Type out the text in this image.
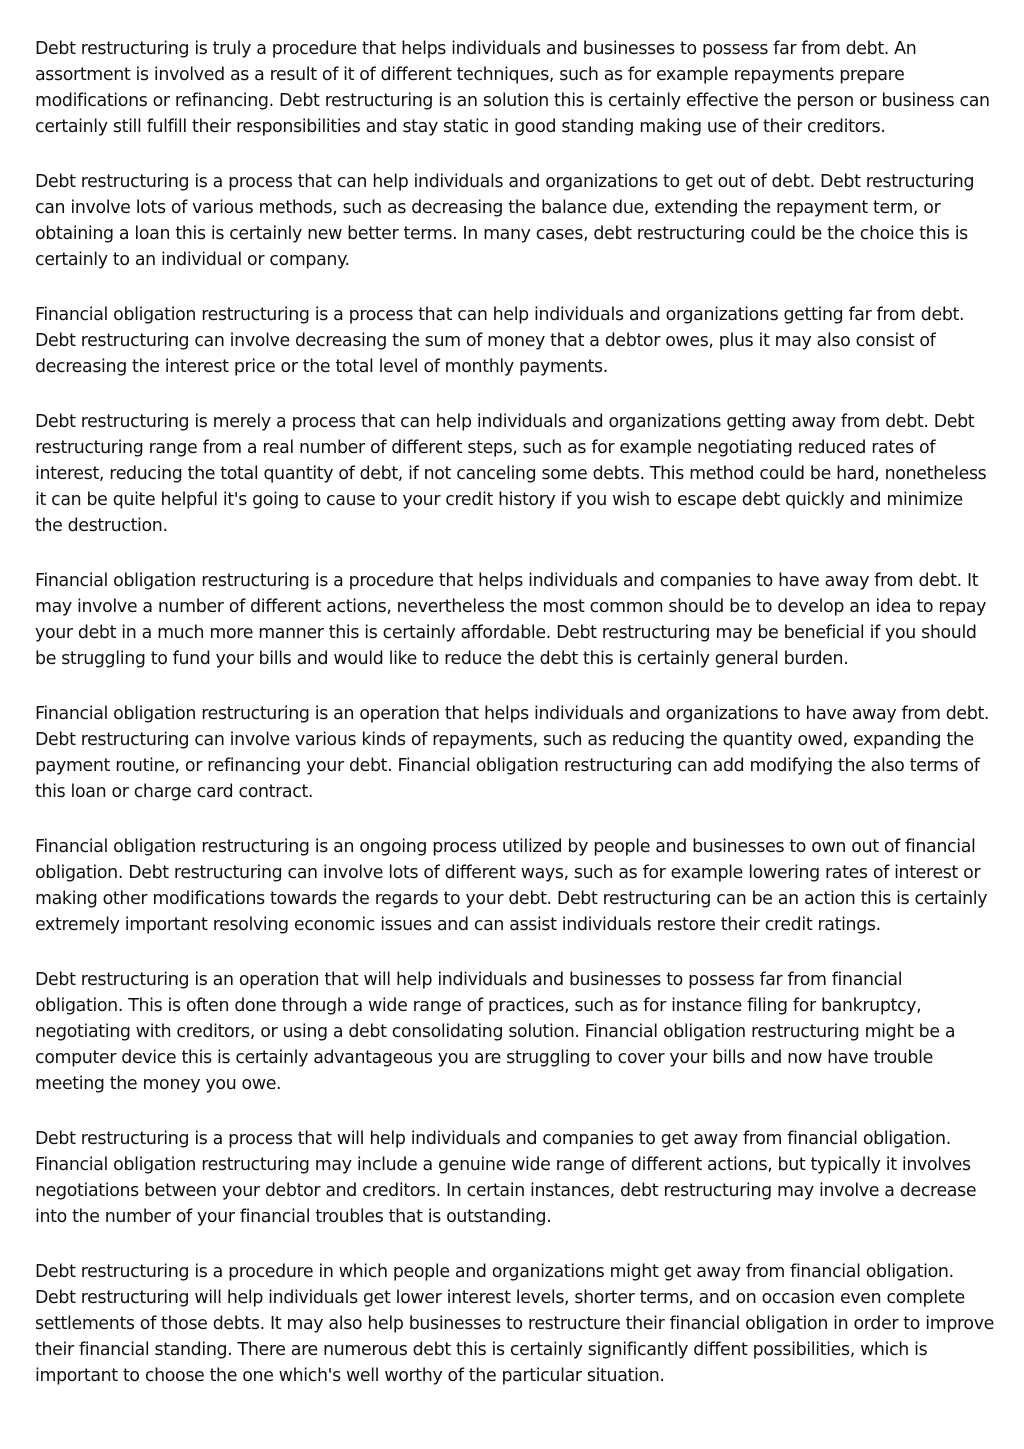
Debt restructuring is truly a procedure that helps individuals and businesses to possess far from debt. An assortment is involved as a result of it of different techniques, such as for example repayments prepare modifications or refinancing. Debt restructuring is an solution this is certainly effective the person or business can certainly still fulfill their responsibilities and stay static in good standing making use of their creditors.

Debt restructuring is a process that can help individuals and organizations to get out of debt. Debt restructuring can involve lots of various methods, such as decreasing the balance due, extending the repayment term, or obtaining a loan this is certainly new better terms. In many cases, debt restructuring could be the choice this is certainly to an individual or company.

Financial obligation restructuring is a process that can help individuals and organizations getting far from debt. Debt restructuring can involve decreasing the sum of money that a debtor owes, plus it may also consist of decreasing the interest price or the total level of monthly payments.

Debt restructuring is merely a process that can help individuals and organizations getting away from debt. Debt restructuring range from a real number of different steps, such as for example negotiating reduced rates of interest, reducing the total quantity of debt, if not canceling some debts. This method could be hard, nonetheless it can be quite helpful it's going to cause to your credit history if you wish to escape debt quickly and minimize the destruction.

Financial obligation restructuring is a procedure that helps individuals and companies to have away from debt. It may involve a number of different actions, nevertheless the most common should be to develop an idea to repay your debt in a much more manner this is certainly affordable. Debt restructuring may be beneficial if you should be struggling to fund your bills and would like to reduce the debt this is certainly general burden.

Financial obligation restructuring is an operation that helps individuals and organizations to have away from debt. Debt restructuring can involve various kinds of repayments, such as reducing the quantity owed, expanding the payment routine, or refinancing your debt. Financial obligation restructuring can add modifying the also terms of this loan or charge card contract.

Financial obligation restructuring is an ongoing process utilized by people and businesses to own out of financial obligation. Debt restructuring can involve lots of different ways, such as for example lowering rates of interest or making other modifications towards the regards to your debt. Debt restructuring can be an action this is certainly extremely important resolving economic issues and can assist individuals restore their credit ratings.

Debt restructuring is an operation that will help individuals and businesses to possess far from financial obligation. This is often done through a wide range of practices, such as for instance filing for bankruptcy, negotiating with creditors, or using a debt consolidating solution. Financial obligation restructuring might be a computer device this is certainly advantageous you are struggling to cover your bills and now have trouble meeting the money you owe.

Debt restructuring is a process that will help individuals and companies to get away from financial obligation. Financial obligation restructuring may include a genuine wide range of different actions, but typically it involves negotiations between your debtor and creditors. In certain instances, debt restructuring may involve a decrease into the number of your financial troubles that is outstanding.

Debt restructuring is a procedure in which people and organizations might get away from financial obligation. Debt restructuring will help individuals get lower interest levels, shorter terms, and on occasion even complete settlements of those debts. It may also help businesses to restructure their financial obligation in order to improve their financial standing. There are numerous debt this is certainly significantly diffent possibilities, which is important to choose the one which's well worthy of the particular situation.
